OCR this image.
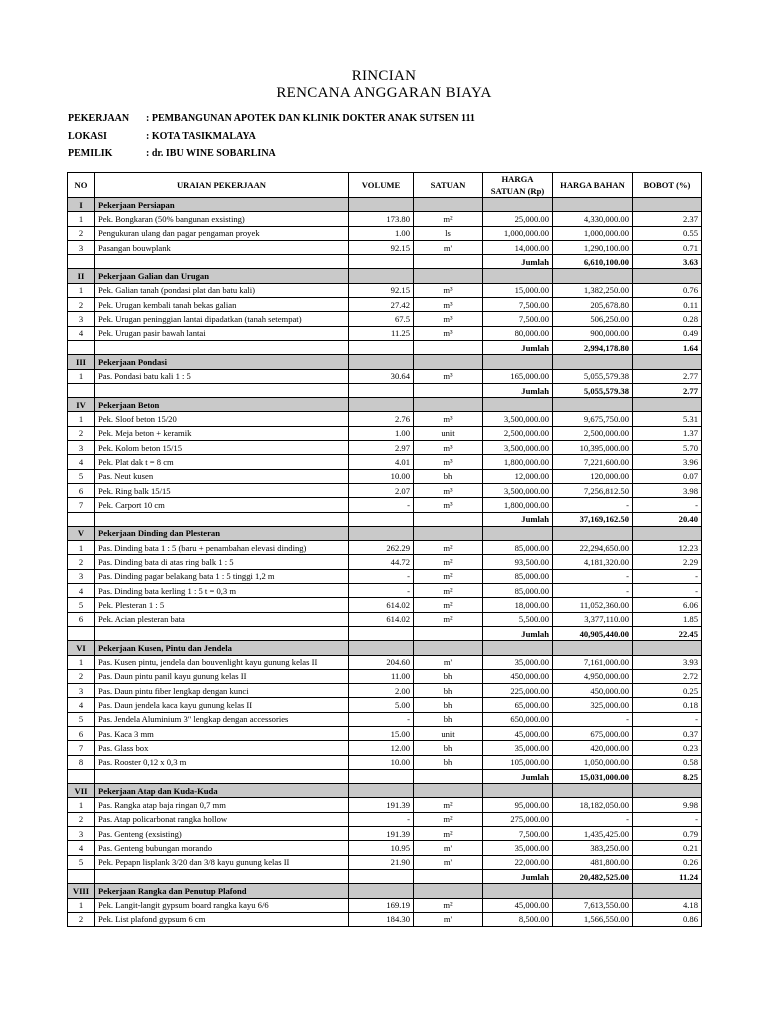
RINCIAN
RENCANA ANGGARAN BIAYA
PEKERJAAN : PEMBANGUNAN APOTEK DAN KLINIK DOKTER ANAK SUTSEN 111
LOKASI	: KOTA TASIKMALAYA
PEMILIK	: dr. IBU WINE SOBARLINA
NO	URAIAN PEKERJAAN	VOLUME	SATUAN	HARGA
SATUAN (Rp)	HARGA BAHAN	BOBOT (%)
I	Pekerjaan Persiapan					
1	Pek. Bongkaran (50% bangunan exsisting)	173.80	m²	25,000.00	4,330,000.00	2.37
2	Pengukuran ulang dan pagar pengaman proyek	1.00	ls	1,000,000.00	1,000,000.00	0.55
3	Pasangan bouwplank	92.15	m'	14,000.00	1,290,100.00	0.71
				Jumlah	6,610,100.00	3.63
II	Pekerjaan Galian dan Urugan					
1	Pek. Galian tanah (pondasi plat dan batu kali)	92.15	m³	15,000.00	1,382,250.00	0.76
2	Pek. Urugan kembali tanah bekas galian	27.42	m³	7,500.00	205,678.80	0.11
3	Pek. Urugan peninggian lantai dipadatkan (tanah setempat)	67.5	m³	7,500.00	506,250.00	0.28
4	Pek. Urugan pasir bawah lantai	11.25	m³	80,000.00	900,000.00	0.49
				Jumlah	2,994,178.80	1.64
III	Pekerjaan Pondasi					
1	Pas. Pondasi batu kali 1 : 5	30.64	m³	165,000.00	5,055,579.38	2.77
				Jumlah	5,055,579.38	2.77
IV	Pekerjaan Beton					
1	Pek. Sloof beton 15/20	2.76	m³	3,500,000.00	9,675,750.00	5.31
2	Pek. Meja beton + keramik	1.00	unit	2,500,000.00	2,500,000.00	1.37
3	Pek. Kolom beton 15/15	2.97	m³	3,500,000.00	10,395,000.00	5.70
4	Pek. Plat dak t = 8 cm	4.01	m³	1,800,000.00	7,221,600.00	3.96
5	Pas. Neut kusen	10.00	bh	12,000.00	120,000.00	0.07
6	Pek. Ring balk 15/15	2.07	m³	3,500,000.00	7,256,812.50	3.98
7	Pek. Carport 10 cm	-	m³	1,800,000.00	-	-
				Jumlah	37,169,162.50	20.40
V	Pekerjaan Dinding dan Plesteran					
1	Pas. Dinding bata 1 : 5 (baru + penambahan elevasi dinding)	262.29	m²	85,000.00	22,294,650.00	12.23
2	Pas. Dinding bata di atas ring balk 1 : 5	44.72	m²	93,500.00	4,181,320.00	2.29
3	Pas. Dinding pagar belakang bata 1 : 5 tinggi 1,2 m	-	m²	85,000.00	-	-
4	Pas. Dinding bata kerling 1 : 5 t = 0,3 m	-	m²	85,000.00	-	-
5	Pek. Plesteran 1 : 5	614.02	m²	18,000.00	11,052,360.00	6.06
6	Pek. Acian plesteran bata	614.02	m²	5,500.00	3,377,110.00	1.85
				Jumlah	40,905,440.00	22.45
VI	Pekerjaan Kusen, Pintu dan Jendela					
1	Pas. Kusen pintu, jendela dan bouvenlight kayu gunung kelas II	204.60	m'	35,000.00	7,161,000.00	3.93
2	Pas. Daun pintu panil kayu gunung kelas II	11.00	bh	450,000.00	4,950,000.00	2.72
3	Pas. Daun pintu fiber lengkap dengan kunci	2.00	bh	225,000.00	450,000.00	0.25
4	Pas. Daun jendela kaca kayu gunung kelas II	5.00	bh	65,000.00	325,000.00	0.18
5	Pas. Jendela Aluminium 3" lengkap dengan accessories	-	bh	650,000.00	-	-
6	Pas. Kaca 3 mm	15.00	unit	45,000.00	675,000.00	0.37
7	Pas. Glass box	12.00	bh	35,000.00	420,000.00	0.23
8	Pas. Rooster 0,12 x 0,3 m	10.00	bh	105,000.00	1,050,000.00	0.58
				Jumlah	15,031,000.00	8.25
VII	Pekerjaan Atap dan Kuda-Kuda					
1	Pas. Rangka atap baja ringan 0,7 mm	191.39	m²	95,000.00	18,182,050.00	9.98
2	Pas. Atap policarbonat rangka hollow	-	m²	275,000.00	-	-
3	Pas. Genteng (exsisting)	191.39	m²	7,500.00	1,435,425.00	0.79
4	Pas. Genteng bubungan morando	10.95	m'	35,000.00	383,250.00	0.21
5	Pek. Pepapn lisplank 3/20 dan 3/8 kayu gunung kelas II	21.90	m'	22,000.00	481,800.00	0.26
				Jumlah	20,482,525.00	11.24
VIII	Pekerjaan Rangka dan Penutup Plafond					
1	Pek. Langit-langit gypsum board rangka kayu 6/6	169.19	m²	45,000.00	7,613,550.00	4.18
2	Pek. List plafond gypsum 6 cm	184.30	m'	8,500.00	1,566,550.00	0.86
